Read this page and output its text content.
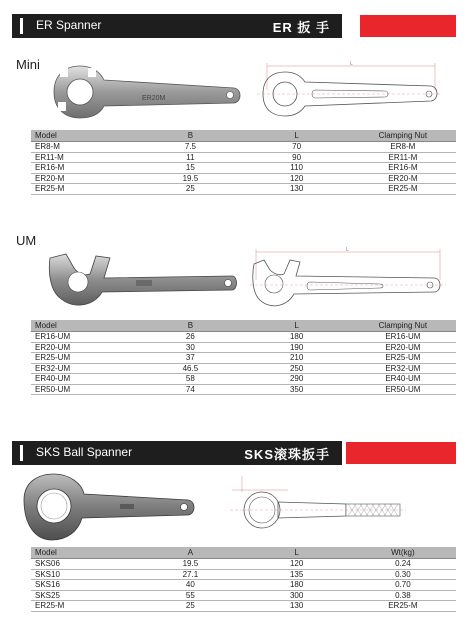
ER Spanner	ER 扳 手
Mini
ER20M
L
Model	B	L	Clamping Nut
ER8-M	7.5	70	ER8-M
ER11-M	11	90	ER11-M
ER16-M	15	110	ER16-M
ER20-M	19.5	120	ER20-M
ER25-M	25	130	ER25-M
UM
L
Model	B	L	Clamping Nut
ER16-UM	26	180	ER16-UM
ER20-UM	30	190	ER20-UM
ER25-UM	37	210	ER25-UM
ER32-UM	46.5	250	ER32-UM
ER40-UM	58	290	ER40-UM
ER50-UM	74	350	ER50-UM
SKS Ball Spanner	SKS滚珠扳手
Model	A	L	Wt(kg)
SKS06	19.5	120	0.24
SKS10	27.1	135	0.30
SKS16	40	180	0.70
SKS25	55	300	0.38
ER25-M	25	130	ER25-M
